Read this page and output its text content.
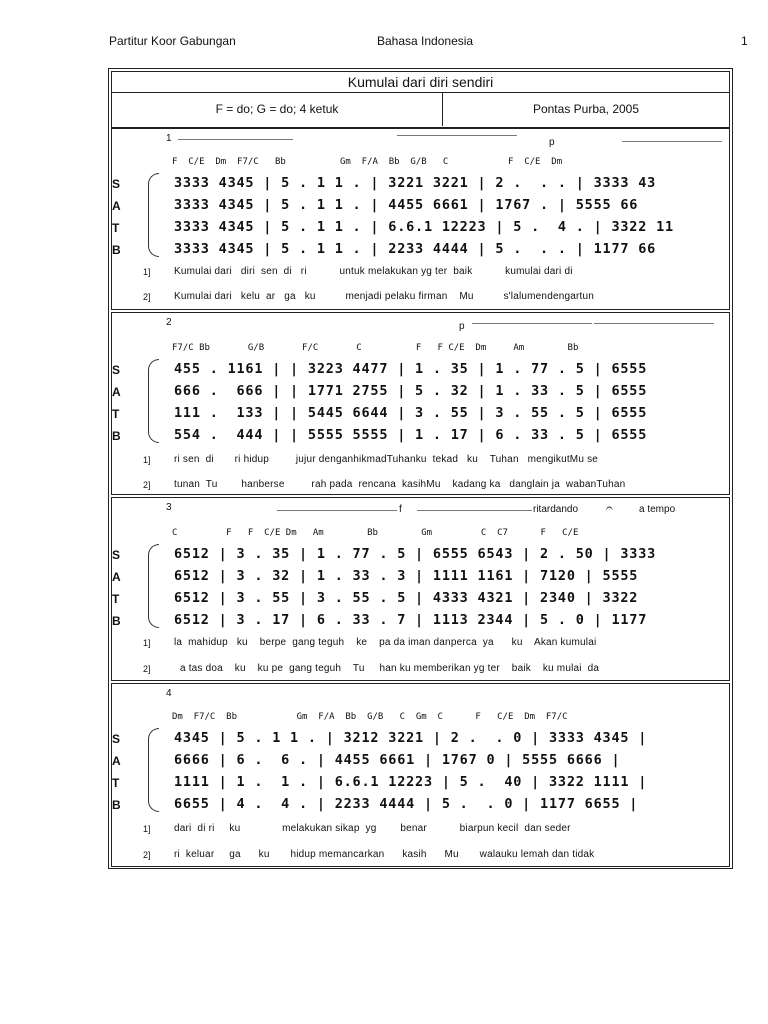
Partitur Koor Gabungan	Bahasa Indonesia	1
Kumulai dari diri sendiri
F = do; G = do; 4 ketuk	Pontas Purba, 2005
1	p
F  C/E  Dm  F7/C   Bb          Gm  F/A  Bb  G/B   C           F  C/E  Dm
S
A
T
B
3333 4345 | 5 . 1 1 . | 3221 3221 | 2 .  . . | 3333 43
3333 4345 | 5 . 1 1 . | 4455 6661 | 1767 . | 5555 66
3333 4345 | 5 . 1 1 . | 6.6.1 12223 | 5 .  4 . | 3322 11
3333 4345 | 5 . 1 1 . | 2233 4444 | 5 .  . . | 1177 66
1] Kumulai dari   diri  sen  di   ri           untuk melakukan yg ter  baik           kumulai dari di
2] Kumulai dari   kelu  ar   ga   ku          menjadi pelaku firman    Mu          s'lalumendengartun
2	p
F7/C Bb       G/B       F/C       C          F   F C/E  Dm     Am        Bb
S
A
T
B
455 . 1161 | | 3223 4477 | 1 . 35 | 1 . 77 . 5 | 6555
666 .  666 | | 1771 2755 | 5 . 32 | 1 . 33 . 5 | 6555
111 .  133 | | 5445 6644 | 3 . 55 | 3 . 55 . 5 | 6555
554 .  444 | | 5555 5555 | 1 . 17 | 6 . 33 . 5 | 6555
1] ri sen  di       ri hidup         jujur denganhikmadTuhanku  tekad   ku    Tuhan   mengikutMu se
2] tunan  Tu        hanberse         rah pada  rencana  kasihMu    kadang ka   danglain ja  wabanTuhan
3	f	ritardando 𝄐	a tempo
C         F   F  C/E Dm   Am        Bb        Gm         C  C7      F   C/E
S
A
T
B
6512 | 3 . 35 | 1 . 77 . 5 | 6555 6543 | 2 . 50 | 3333
6512 | 3 . 32 | 1 . 33 . 3 | 1111 1161 | 7120 | 5555
6512 | 3 . 55 | 3 . 55 . 5 | 4333 4321 | 2340 | 3322
6512 | 3 . 17 | 6 . 33 . 7 | 1113 2344 | 5 . 0 | 1177
1] la  mahidup   ku    berpe  gang teguh    ke    pa da iman danperca  ya      ku    Akan kumulai
2] a tas doa    ku    ku pe  gang teguh    Tu     han ku memberikan yg ter    baik    ku mulai  da
4
Dm  F7/C  Bb           Gm  F/A  Bb  G/B   C  Gm  C      F   C/E  Dm  F7/C
S
A
T
B
4345 | 5 . 1 1 . | 3212 3221 | 2 .  . 0 | 3333 4345 |
6666 | 6 .  6 . | 4455 6661 | 1767 0 | 5555 6666 |
1111 | 1 .  1 . | 6.6.1 12223 | 5 .  40 | 3322 1111 |
6655 | 4 .  4 . | 2233 4444 | 5 .  . 0 | 1177 6655 |
1] dari  di ri     ku              melakukan sikap  yg        benar           biarpun kecil  dan seder
2] ri  keluar     ga      ku       hidup memancarkan      kasih      Mu       walauku lemah dan tidak
